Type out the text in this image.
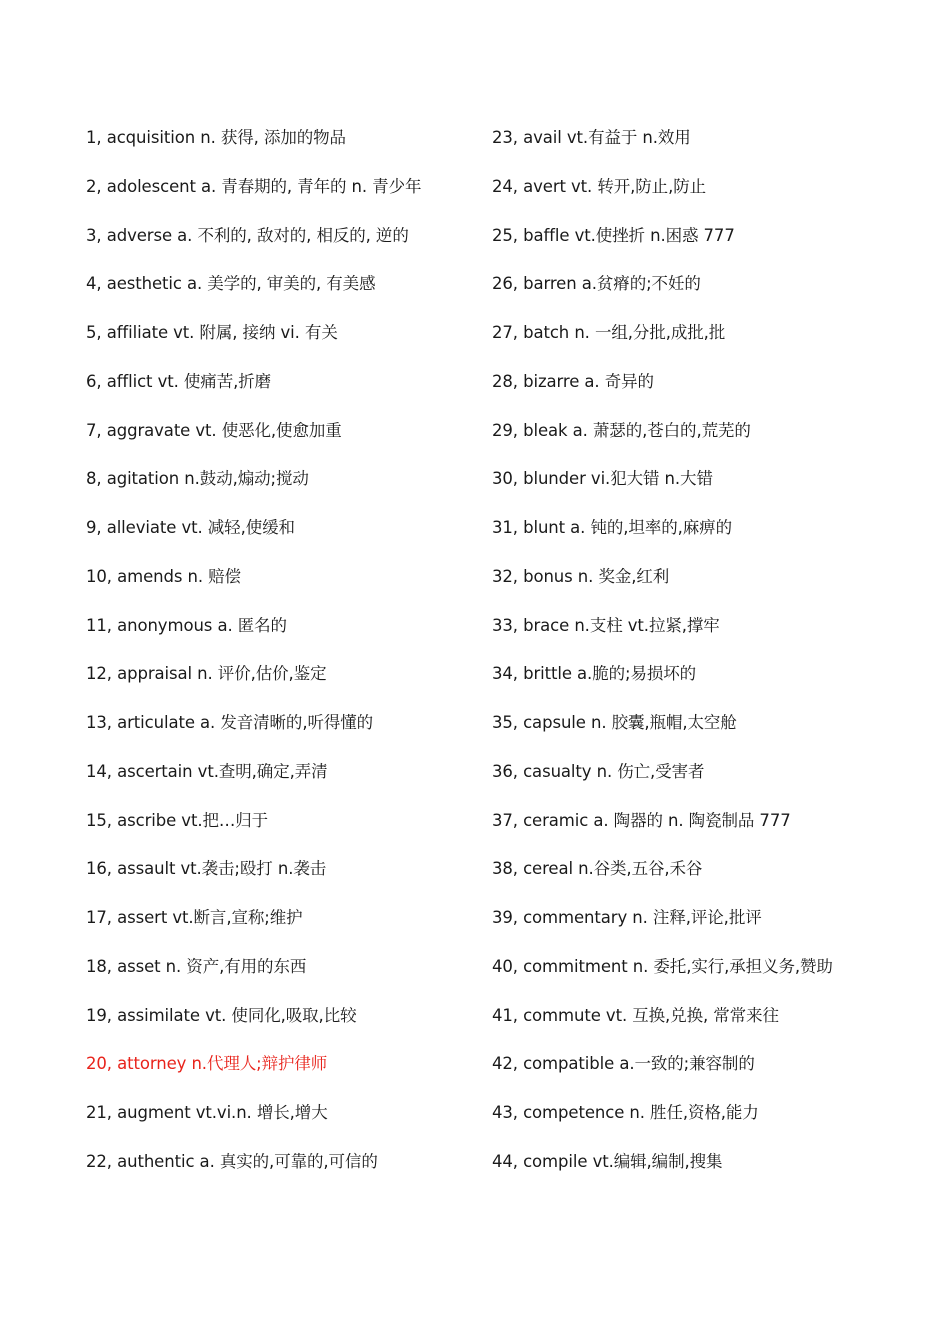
1, acquisition n. 获得, 添加的物品
2, adolescent a. 青春期的, 青年的 n. 青少年
3, adverse a. 不利的, 敌对的, 相反的, 逆的
4, aesthetic a. 美学的, 审美的, 有美感
5, affiliate vt. 附属, 接纳 vi. 有关
6, afflict vt. 使痛苦,折磨
7, aggravate vt. 使恶化,使愈加重
8, agitation n.鼓动,煽动;搅动
9, alleviate vt. 减轻,使缓和
10, amends n. 赔偿
11, anonymous a. 匿名的
12, appraisal n. 评价,估价,鉴定
13, articulate a. 发音清晰的,听得懂的
14, ascertain vt.查明,确定,弄清
15, ascribe vt.把…归于
16, assault vt.袭击;殴打 n.袭击
17, assert vt.断言,宣称;维护
18, asset n. 资产,有用的东西
19, assimilate vt. 使同化,吸取,比较
20, attorney n.代理人;辩护律师
21, augment vt.vi.n. 增长,增大
22, authentic a. 真实的,可靠的,可信的
23, avail vt.有益于 n.效用
24, avert vt. 转开,防止,防止
25, baffle vt.使挫折 n.困惑 777
26, barren a.贫瘠的;不妊的
27, batch n. 一组,分批,成批,批
28, bizarre a. 奇异的
29, bleak a. 萧瑟的,苍白的,荒芜的
30, blunder vi.犯大错 n.大错
31, blunt a. 钝的,坦率的,麻痹的
32, bonus n. 奖金,红利
33, brace n.支柱 vt.拉紧,撑牢
34, brittle a.脆的;易损坏的
35, capsule n. 胶囊,瓶帽,太空舱
36, casualty n. 伤亡,受害者
37, ceramic a. 陶器的 n. 陶瓷制品 777
38, cereal n.谷类,五谷,禾谷
39, commentary n. 注释,评论,批评
40, commitment n. 委托,实行,承担义务,赞助
41, commute vt. 互换,兑换, 常常来往
42, compatible a.一致的;兼容制的
43, competence n. 胜任,资格,能力
44, compile vt.编辑,编制,搜集
